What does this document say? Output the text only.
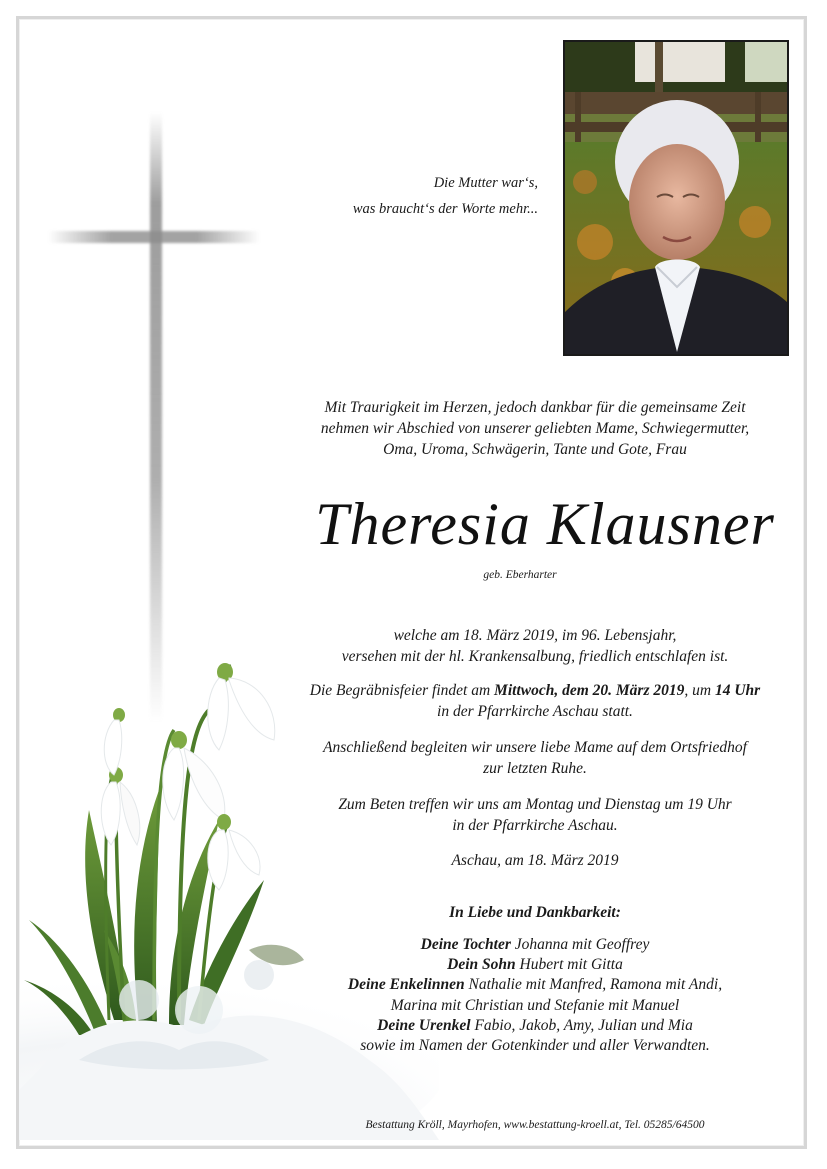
Die Mutter war‘s,

was braucht‘s der Worte mehr...

Mit Traurigkeit im Herzen, jedoch dankbar für die gemeinsame Zeit

nehmen wir Abschied von unserer geliebten Mame, Schwiegermutter,

Oma, Uroma, Schwägerin, Tante und Gote, Frau

Theresia Klausner
geb. Eberharter

welche am 18. März 2019, im 96. Lebensjahr,

versehen mit der hl. Krankensalbung, friedlich entschlafen ist.

Die Begräbnisfeier findet am Mittwoch, dem 20. März 2019, um 14 Uhr

in der Pfarrkirche Aschau statt.

Anschließend begleiten wir unsere liebe Mame auf dem Ortsfriedhof

zur letzten Ruhe.

Zum Beten treffen wir uns am Montag und Dienstag um 19 Uhr

in der Pfarrkirche Aschau.

Aschau, am 18. März 2019
In Liebe und Dankbarkeit:

Deine Tochter Johanna mit Geoffrey

Dein Sohn Hubert mit Gitta

Deine Enkelinnen Nathalie mit Manfred, Ramona mit Andi,

Marina mit Christian und Stefanie mit Manuel

Deine Urenkel Fabio, Jakob, Amy, Julian und Mia

sowie im Namen der Gotenkinder und aller Verwandten.

Bestattung Kröll, Mayrhofen, www.bestattung-kroell.at, Tel. 05285/64500
